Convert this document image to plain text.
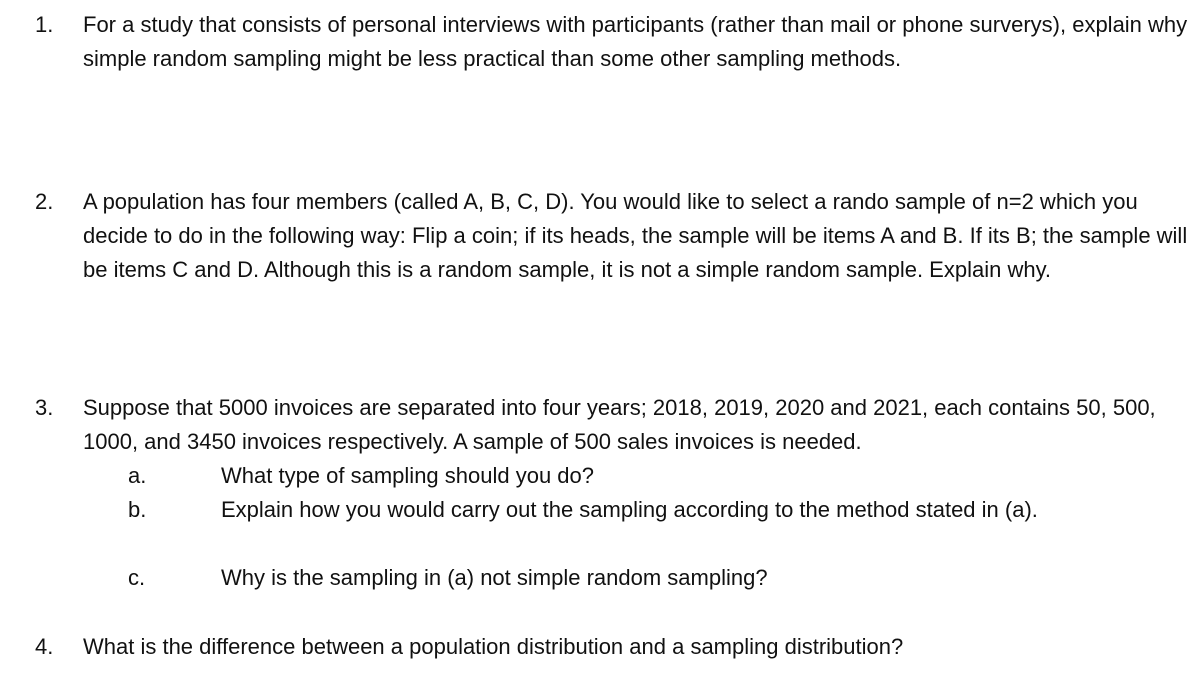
1. For a study that consists of personal interviews with participants (rather than mail or phone surverys), explain why simple random sampling might be less practical than some other sampling methods.

2. A population has four members (called A, B, C, D). You would like to select a rando sample of n=2 which you decide to do in the following way: Flip a coin; if its heads, the sample will be items A and B. If its B; the sample will be items C and D. Although this is a random sample, it is not a simple random sample. Explain why.

3. Suppose that 5000 invoices are separated into four years; 2018, 2019, 2020 and 2021, each contains 50, 500, 1000, and 3450 invoices respectively. A sample of 500 sales invoices is needed.

a.	What type of sampling should you do?

b.	Explain how you would carry out the sampling according to the method stated in (a).

c.	Why is the sampling in (a) not simple random sampling?

4. What is the difference between a population distribution and a sampling distribution?
